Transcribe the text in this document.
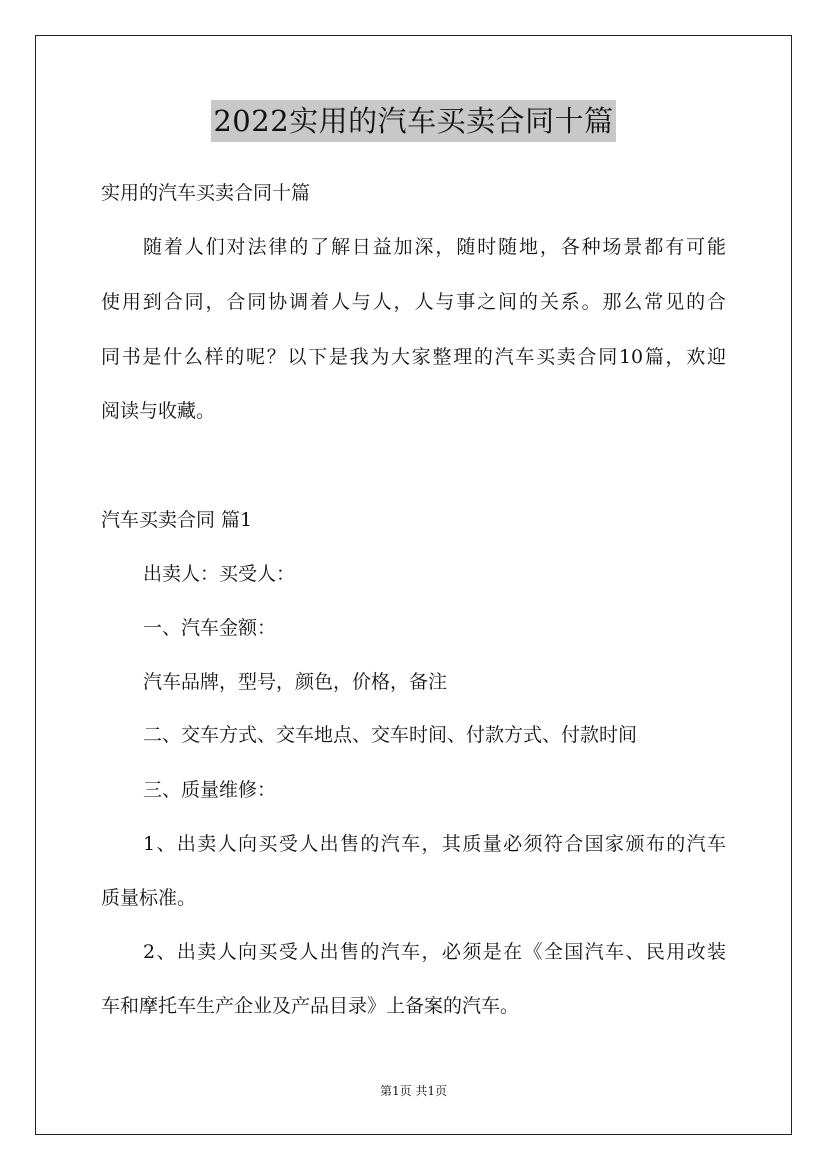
2022实用的汽车买卖合同十篇
实用的汽车买卖合同十篇
随着人们对法律的了解日益加深，随时随地，各种场景都有可能
使用到合同，合同协调着人与人，人与事之间的关系。那么常见的合
同书是什么样的呢？以下是我为大家整理的汽车买卖合同10篇，欢迎
阅读与收藏。
汽车买卖合同 篇1
出卖人：买受人：
一、汽车金额：
汽车品牌，型号，颜色，价格，备注
二、交车方式、交车地点、交车时间、付款方式、付款时间
三、质量维修：
1、出卖人向买受人出售的汽车，其质量必须符合国家颁布的汽车
质量标准。
2、出卖人向买受人出售的汽车，必须是在《全国汽车、民用改装
车和摩托车生产企业及产品目录》上备案的汽车。
第1页 共1页
